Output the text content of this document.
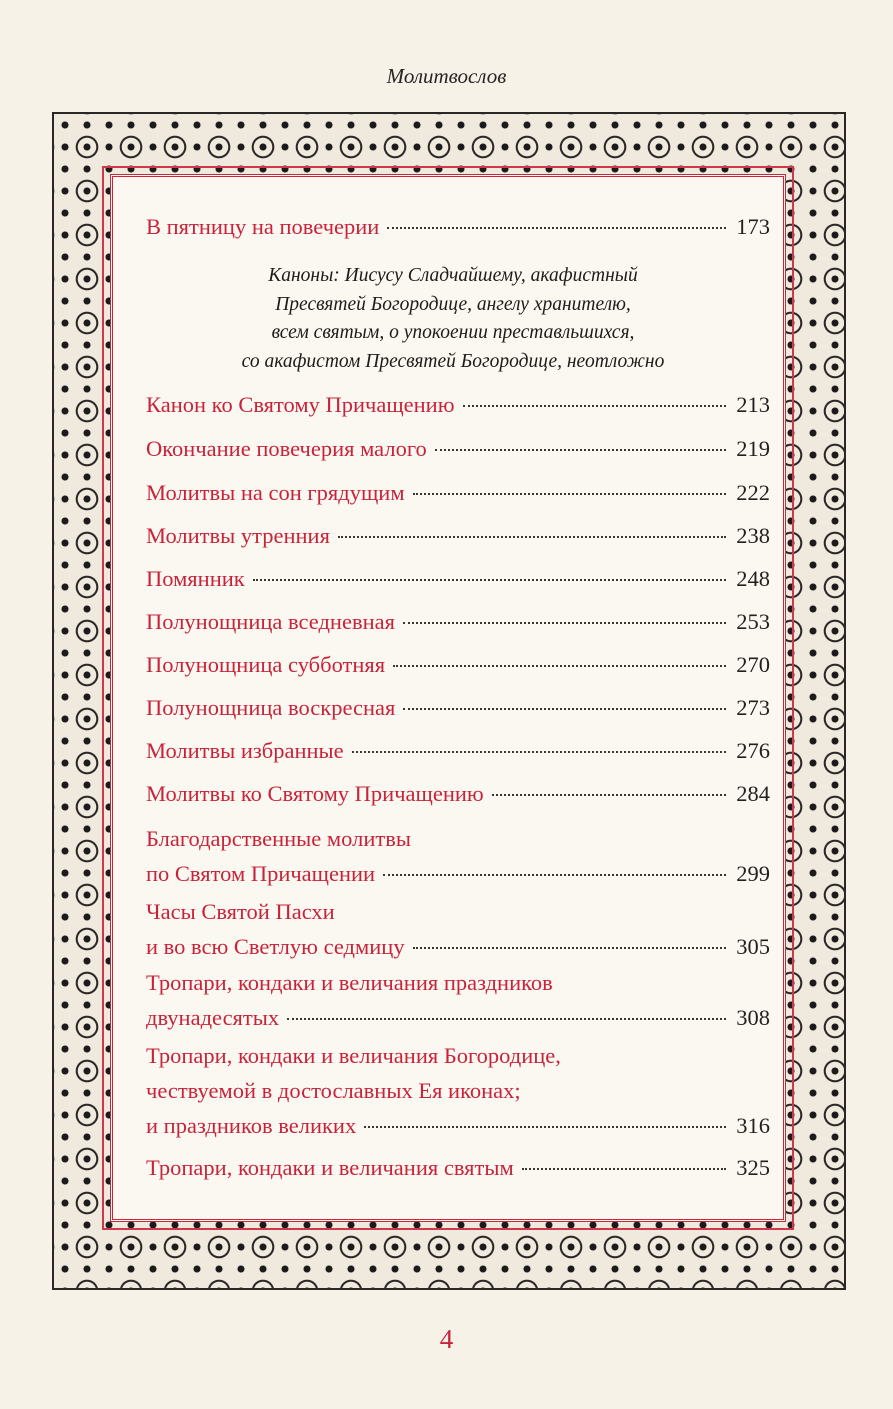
Молитвослов
В пятницу на повечерии	173
Канон ко Святому Причащению	213
Окончание повечерия малого	219
Молитвы на сон грядущим	222
Молитвы утренния	238
Помянник	248
Полунощница вседневная	253
Полунощница субботняя	270
Полунощница воскресная	273
Молитвы избранные	276
Молитвы ко Святому Причащению	284
Благодарственные молитвы
по Святом Причащении	299
Часы Святой Пасхи
и во всю Светлую седмицу	305
Тропари, кондаки и величания праздников
двунадесятых	308
Тропари, кондаки и величания Богородице,
чествуемой в достославных Ея иконах;
и праздников великих	316
Тропари, кондаки и величания святым	325
Каноны: Иисусу Сладчайшему, акафистный
Пресвятей Богородице, ангелу хранителю,
всем святым, о упокоении преставльшихся,
со акафистом Пресвятей Богородице, неотложно
4
